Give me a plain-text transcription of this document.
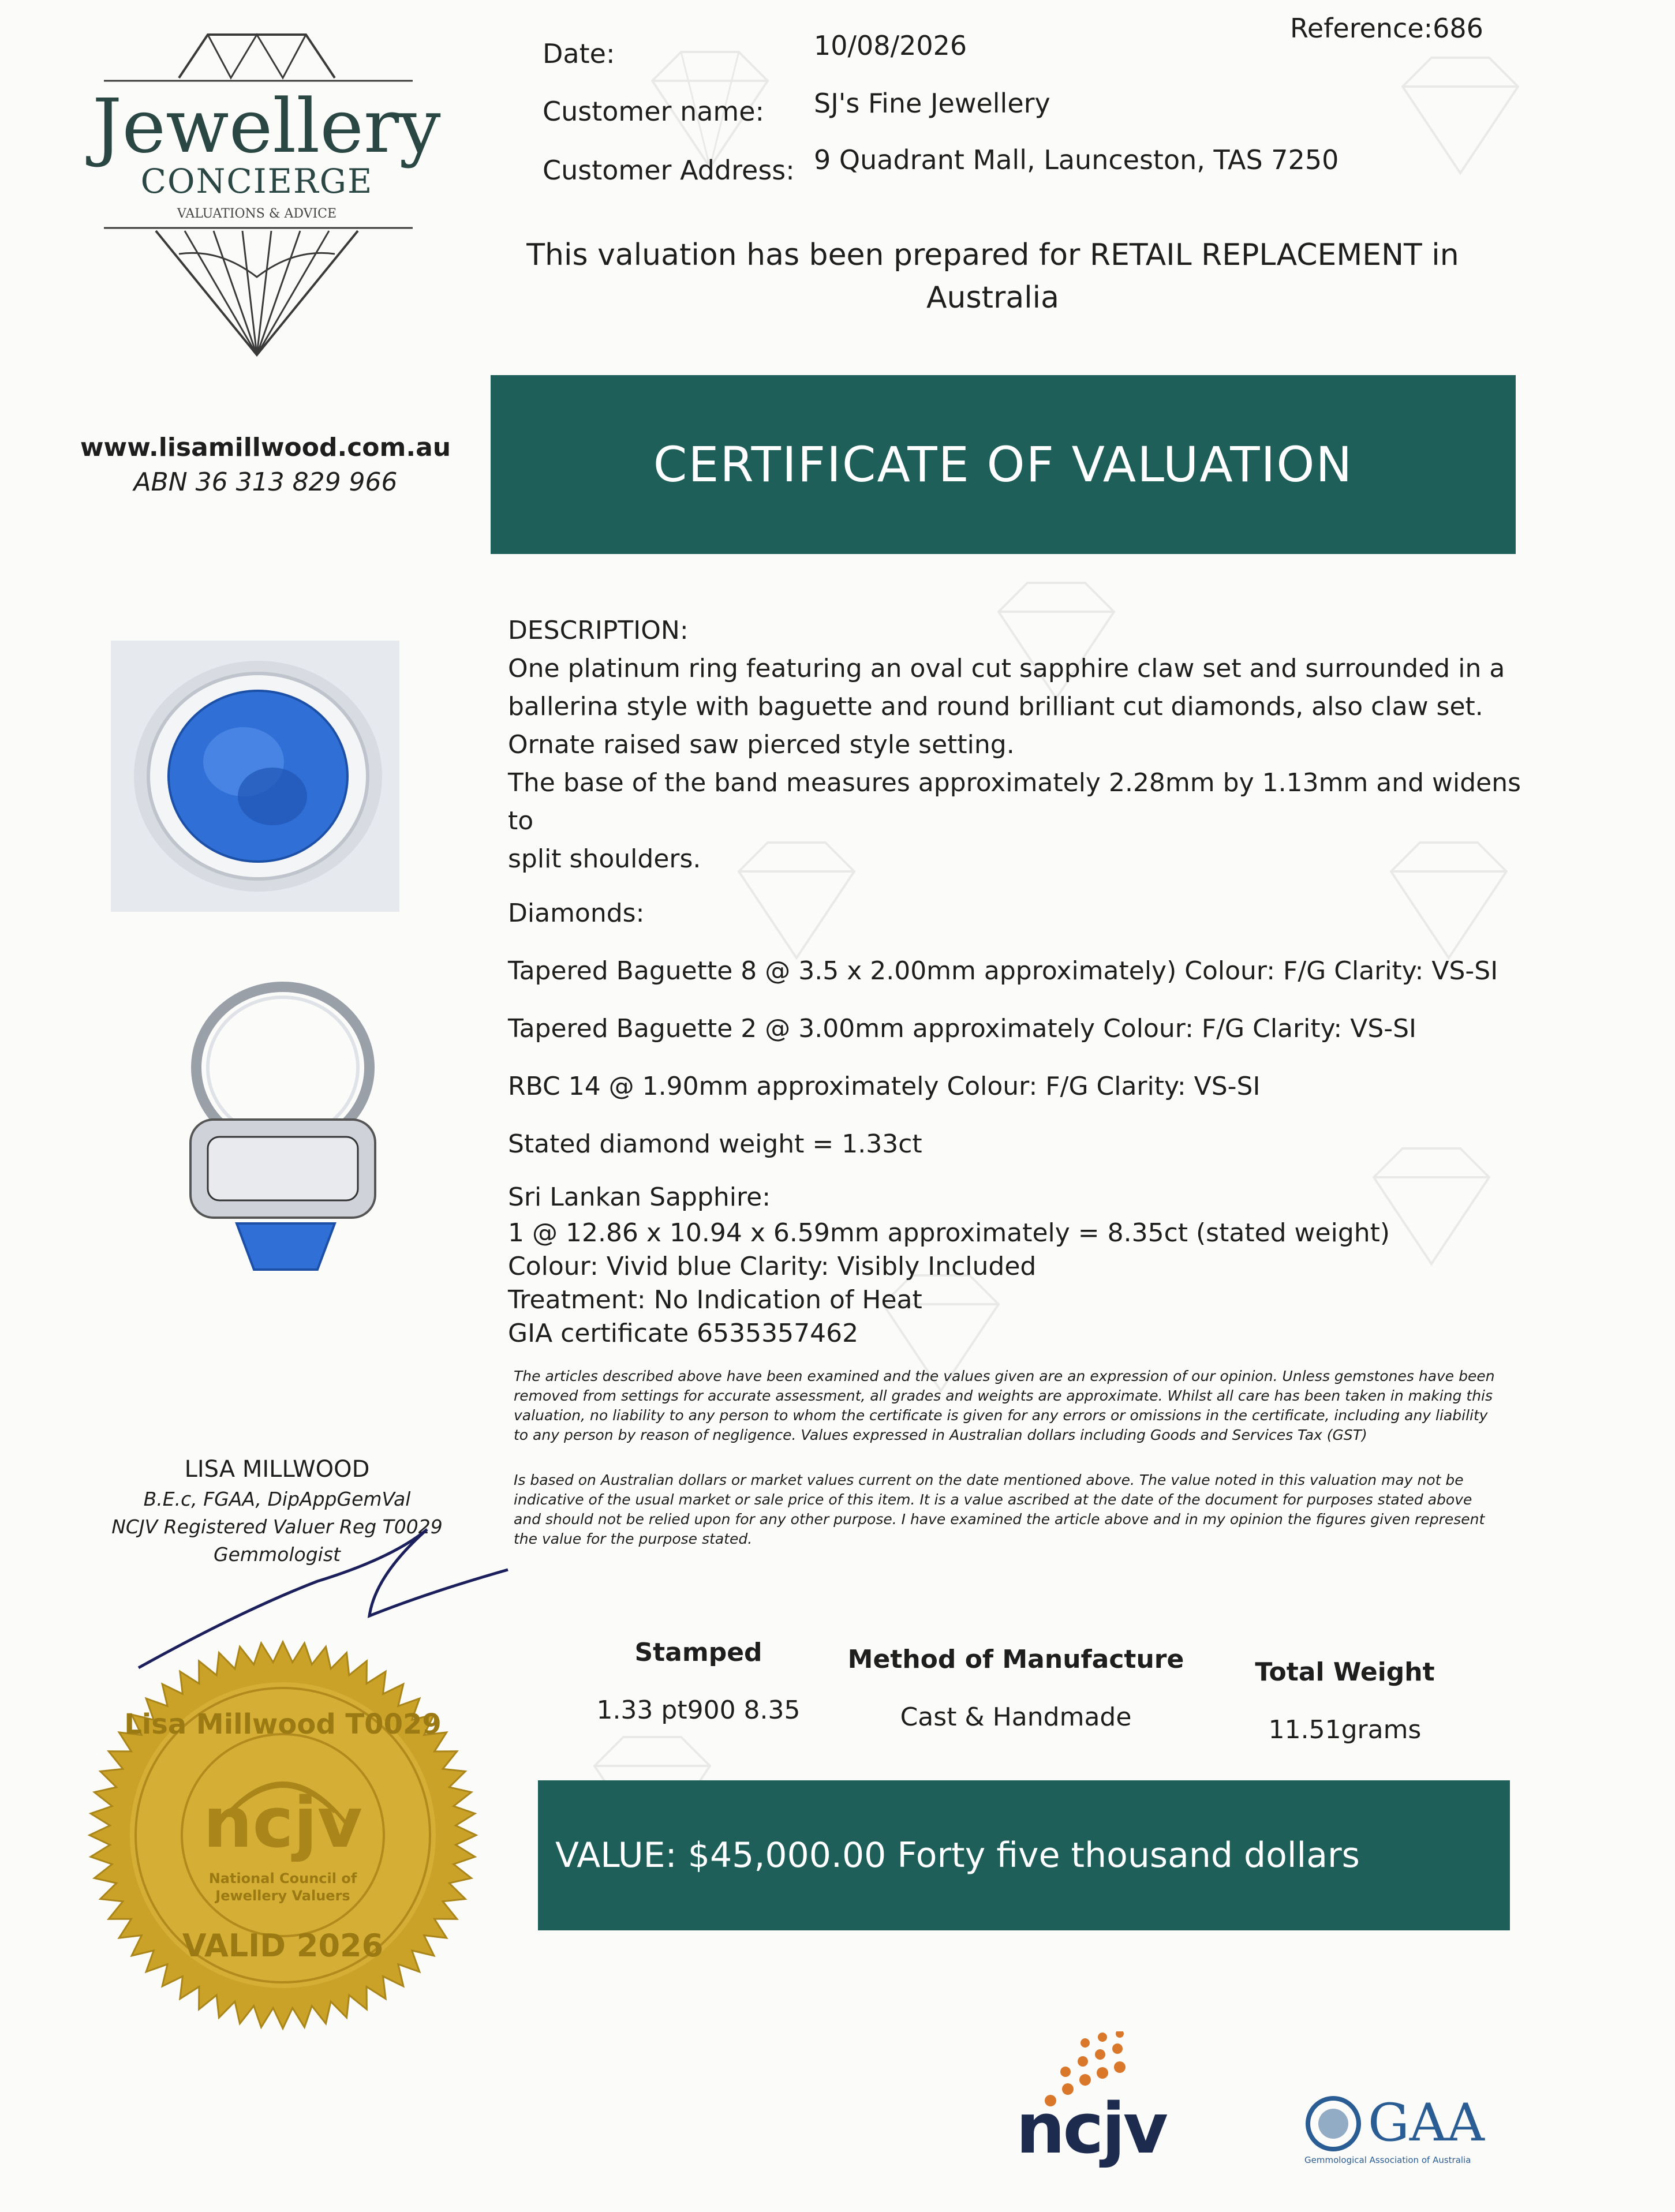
Jewellery
CONCIERGE
VALUATIONS & ADVICE
www.lisamillwood.com.au
ABN 36 313 829 966
Date:	10/08/2026
Reference:686
Customer name: SJ's Fine Jewellery
Customer Address: 9 Quadrant Mall, Launceston, TAS 7250
This valuation has been prepared for RETAIL REPLACEMENT in
Australia
CERTIFICATE OF VALUATION

DESCRIPTION:

One platinum ring featuring an oval cut sapphire claw set and surrounded in a

ballerina style with baguette and round brilliant cut diamonds, also claw set.

Ornate raised saw pierced style setting.

The base of the band measures approximately 2.28mm by 1.13mm and widens to

split shoulders.

Diamonds:

Tapered Baguette 8 @ 3.5 x 2.00mm approximately) Colour: F/G Clarity: VS-SI

Tapered Baguette 2 @ 3.00mm approximately Colour: F/G Clarity: VS-SI

RBC 14 @ 1.90mm approximately Colour: F/G Clarity: VS-SI

Stated diamond weight = 1.33ct

Sri Lankan Sapphire:

1 @ 12.86 x 10.94 x 6.59mm approximately = 8.35ct (stated weight)

Colour: Vivid blue Clarity: Visibly Included

Treatment: No Indication of Heat

GIA certificate 6535357462

The articles described above have been examined and the values given are an expression of our opinion. Unless gemstones have been removed from settings for accurate assessment, all grades and weights are approximate. Whilst all care has been taken in making this valuation, no liability to any person to whom the certificate is given for any errors or omissions in the certificate, including any liability to any person by reason of negligence. Values expressed in Australian dollars including Goods and Services Tax (GST)
Is based on Australian dollars or market values current on the date mentioned above. The value noted in this valuation may not be indicative of the usual market or sale price of this item. It is a value ascribed at the date of the document for purposes stated above and should not be relied upon for any other purpose. I have examined the article above and in my opinion the figures given represent the value for the purpose stated.
LISA MILLWOOD
B.E.c, FGAA, DipAppGemVal
NCJV Registered Valuer Reg T0029
Gemmologist
Lisa Millwood T0029
ncjv
National Council of Jewellery Valuers
VALID 2026
Stamped	Method of Manufacture	Total Weight
1.33 pt900 8.35	Cast & Handmade	11.51grams
VALUE: $45,000.00 Forty five thousand dollars
ncjv	GAA
Gemmological Association of Australia
